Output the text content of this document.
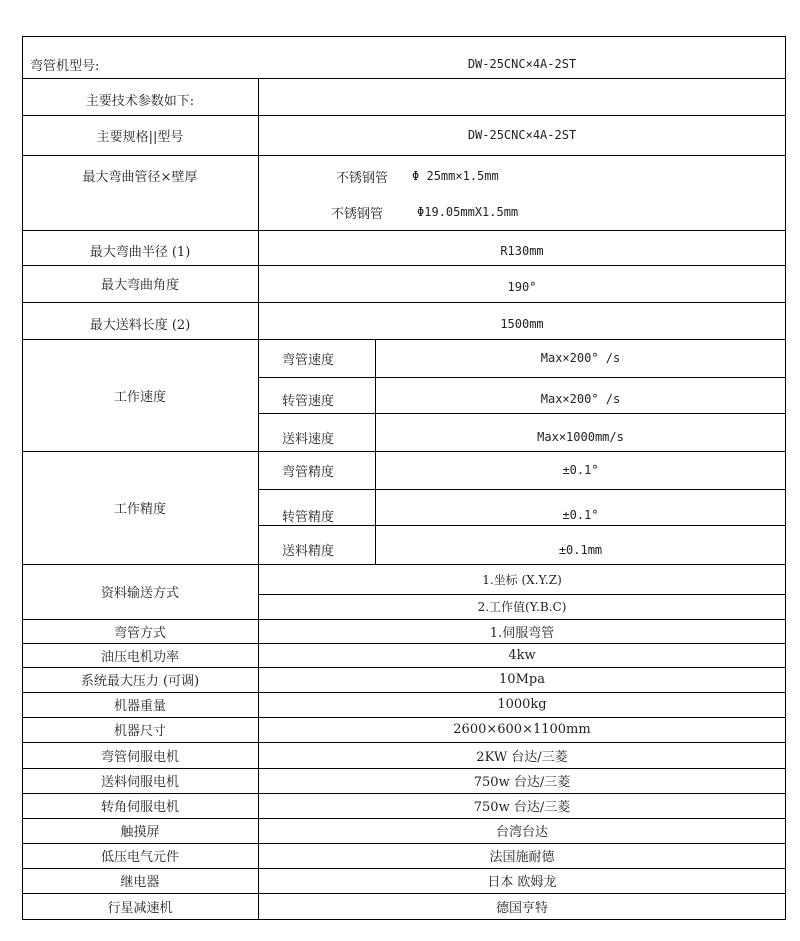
弯管机型号:	DW-25CNC×4A-2ST
主要技术参数如下:
主要规格||型号	DW-25CNC×4A-2ST
最大弯曲管径×壁厚	不锈钢管 Φ 25mm×1.5mm
不锈钢管	Φ19.05mmX1.5mm
最大弯曲半径 (1)	R130mm
最大弯曲角度	190°
最大送料长度 (2)	1500mm
工作速度
弯管速度	Max×200° /s
转管速度	Max×200° /s
送料速度	Max×1000mm/s
工作精度
弯管精度	±0.1°
转管精度	±0.1°
送料精度	±0.1mm
资料输送方式
1.坐标 (X.Y.Z)
2.工作值(Y.B.C)
弯管方式	1.伺服弯管
油压电机功率	4kw
系统最大压力 (可调)	10Mpa
机器重量	1000kg
机器尺寸	2600×600×1100mm
弯管伺服电机	2KW 台达/三菱
送料伺服电机	750w 台达/三菱
转角伺服电机	750w 台达/三菱
触摸屏	台湾台达
低压电气元件	法国施耐德
继电器	日本 欧姆龙
行星减速机	德国亨特
